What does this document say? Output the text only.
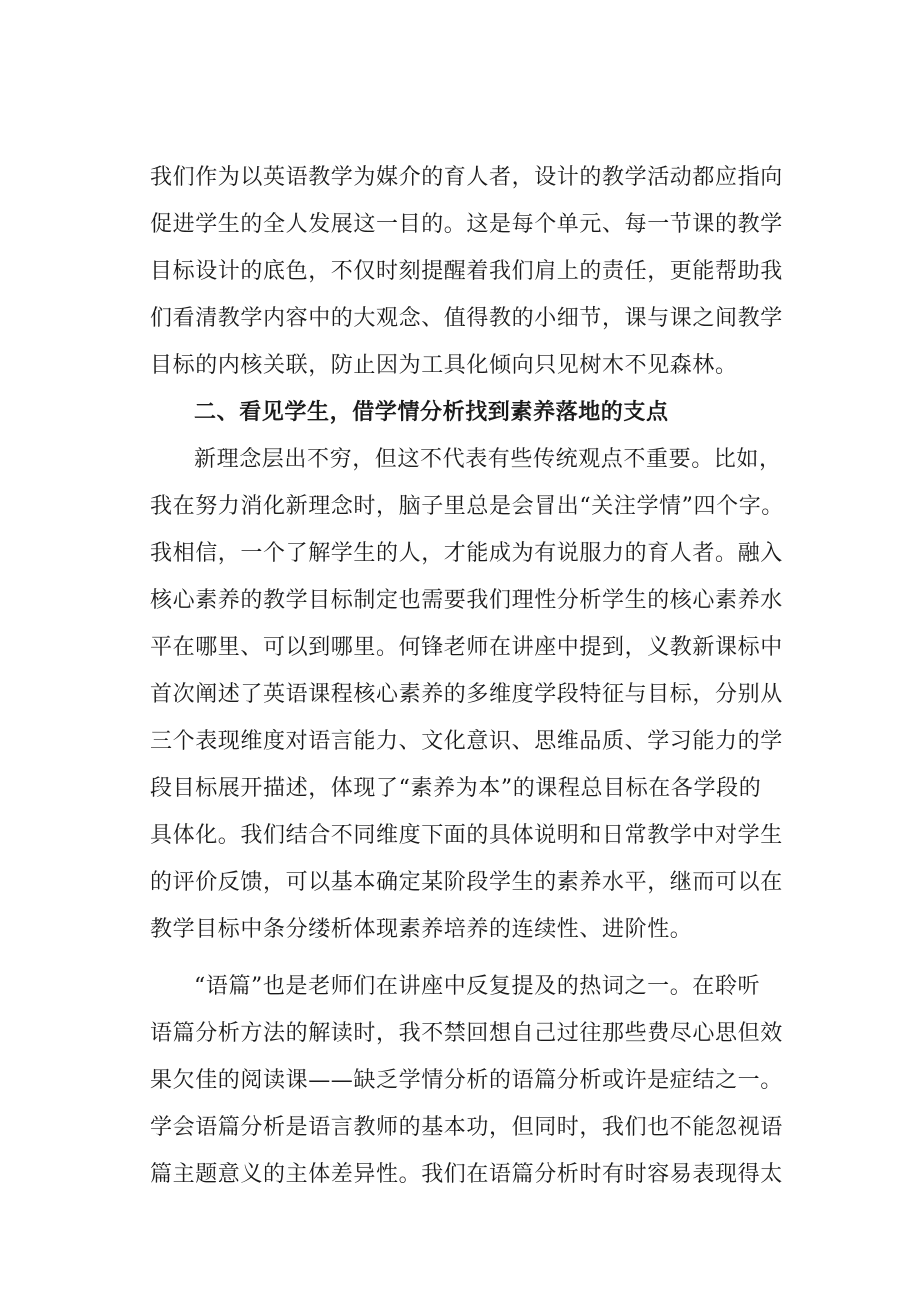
我们作为以英语教学为媒介的育人者，设计的教学活动都应指向
促进学生的全人发展这一目的。这是每个单元、每一节课的教学
目标设计的底色，不仅时刻提醒着我们肩上的责任，更能帮助我
们看清教学内容中的大观念、值得教的小细节，课与课之间教学
目标的内核关联，防止因为工具化倾向只见树木不见森林。
二、看见学生，借学情分析找到素养落地的支点
新理念层出不穷，但这不代表有些传统观点不重要。比如，
我在努力消化新理念时，脑子里总是会冒出“关注学情”四个字。
我相信，一个了解学生的人，才能成为有说服力的育人者。融入
核心素养的教学目标制定也需要我们理性分析学生的核心素养水
平在哪里、可以到哪里。何锋老师在讲座中提到，义教新课标中
首次阐述了英语课程核心素养的多维度学段特征与目标，分别从
三个表现维度对语言能力、文化意识、思维品质、学习能力的学
段目标展开描述，体现了“素养为本”的课程总目标在各学段的
具体化。我们结合不同维度下面的具体说明和日常教学中对学生
的评价反馈，可以基本确定某阶段学生的素养水平，继而可以在
教学目标中条分缕析体现素养培养的连续性、进阶性。
“语篇”也是老师们在讲座中反复提及的热词之一。在聆听
语篇分析方法的解读时，我不禁回想自己过往那些费尽心思但效
果欠佳的阅读课——缺乏学情分析的语篇分析或许是症结之一。
学会语篇分析是语言教师的基本功，但同时，我们也不能忽视语
篇主题意义的主体差异性。我们在语篇分析时有时容易表现得太
